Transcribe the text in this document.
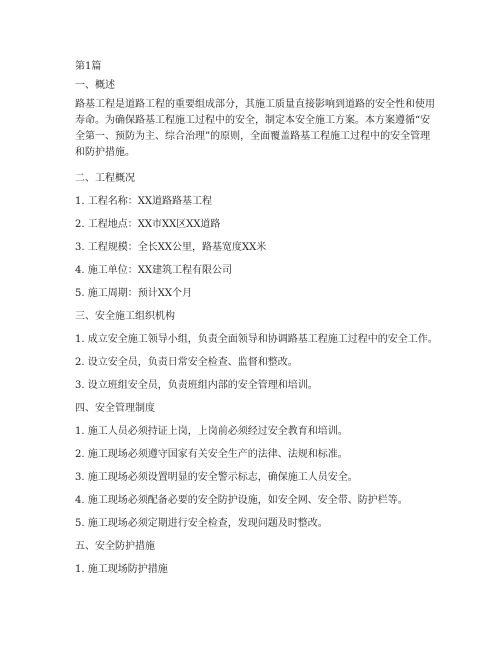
第1篇
一、概述
路基工程是道路工程的重要组成部分，其施工质量直接影响到道路的安全性和使用
寿命。为确保路基工程施工过程中的安全，制定本安全施工方案。本方案遵循“安
全第一、预防为主、综合治理”的原则，全面覆盖路基工程施工过程中的安全管理
和防护措施。
二、工程概况
1. 工程名称：XX道路路基工程
2. 工程地点：XX市XX区XX道路
3. 工程规模：全长XX公里，路基宽度XX米
4. 施工单位：XX建筑工程有限公司
5. 施工周期：预计XX个月
三、安全施工组织机构
1. 成立安全施工领导小组，负责全面领导和协调路基工程施工过程中的安全工作。
2. 设立安全员，负责日常安全检查、监督和整改。
3. 设立班组安全员，负责班组内部的安全管理和培训。
四、安全管理制度
1. 施工人员必须持证上岗，上岗前必须经过安全教育和培训。
2. 施工现场必须遵守国家有关安全生产的法律、法规和标准。
3. 施工现场必须设置明显的安全警示标志，确保施工人员安全。
4. 施工现场必须配备必要的安全防护设施，如安全网、安全带、防护栏等。
5. 施工现场必须定期进行安全检查，发现问题及时整改。
五、安全防护措施
1. 施工现场防护措施
